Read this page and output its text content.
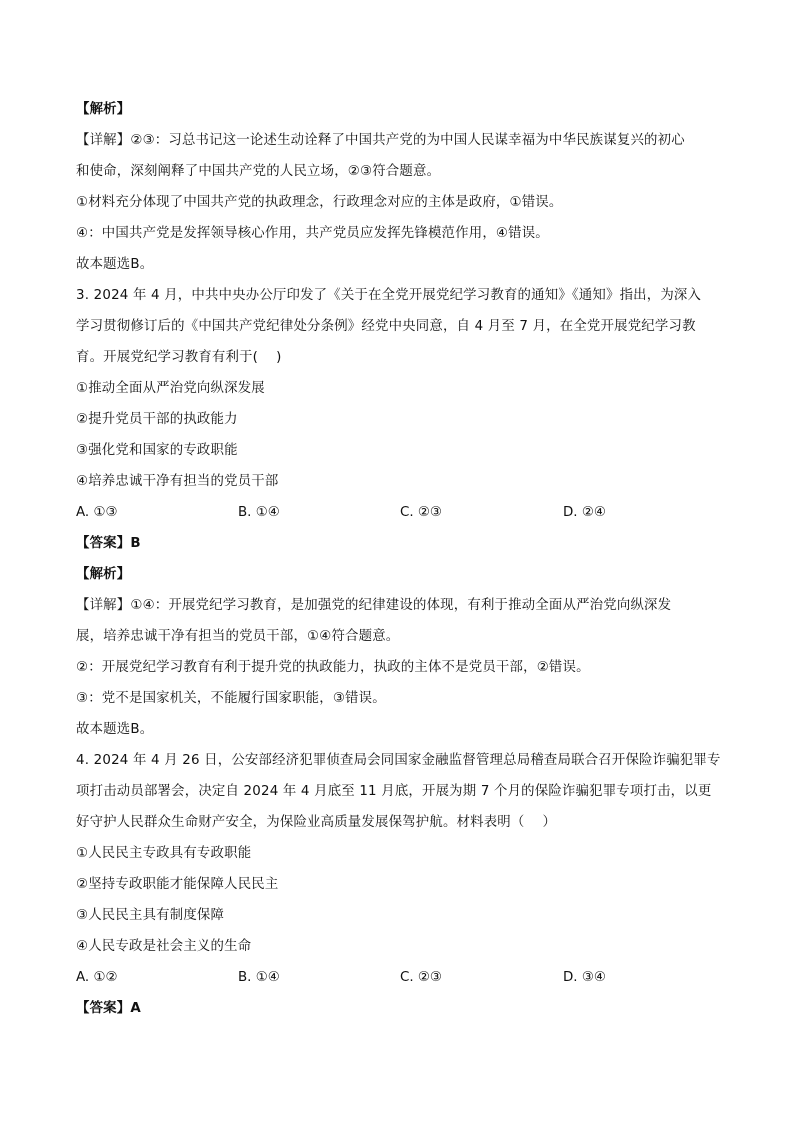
【解析】
【详解】②③：习总书记这一论述生动诠释了中国共产党的为中国人民谋幸福为中华民族谋复兴的初心
和使命，深刻阐释了中国共产党的人民立场，②③符合题意。
①材料充分体现了中国共产党的执政理念，行政理念对应的主体是政府，①错误。
④：中国共产党是发挥领导核心作用，共产党员应发挥先锋模范作用，④错误。
故本题选B。
3. 2024 年 4 月，中共中央办公厅印发了《关于在全党开展党纪学习教育的通知》《通知》指出，为深入
学习贯彻修订后的《中国共产党纪律处分条例》经党中央同意，自 4 月至 7 月，在全党开展党纪学习教
育。开展党纪学习教育有利于(　 )
①推动全面从严治党向纵深发展
②提升党员干部的执政能力
③强化党和国家的专政职能
④培养忠诚干净有担当的党员干部
A. ①③	B. ①④	C. ②③	D. ②④
【答案】B
【解析】
【详解】①④：开展党纪学习教育，是加强党的纪律建设的体现，有利于推动全面从严治党向纵深发
展，培养忠诚干净有担当的党员干部，①④符合题意。
②：开展党纪学习教育有利于提升党的执政能力，执政的主体不是党员干部，②错误。
③：党不是国家机关，不能履行国家职能，③错误。
故本题选B。
4. 2024 年 4 月 26 日，公安部经济犯罪侦查局会同国家金融监督管理总局稽查局联合召开保险诈骗犯罪专
项打击动员部署会，决定自 2024 年 4 月底至 11 月底，开展为期 7 个月的保险诈骗犯罪专项打击，以更
好守护人民群众生命财产安全，为保险业高质量发展保驾护航。材料表明（　 ）
①人民民主专政具有专政职能
②坚持专政职能才能保障人民民主
③人民民主具有制度保障
④人民专政是社会主义的生命
A. ①②	B. ①④	C. ②③	D. ③④
【答案】A
